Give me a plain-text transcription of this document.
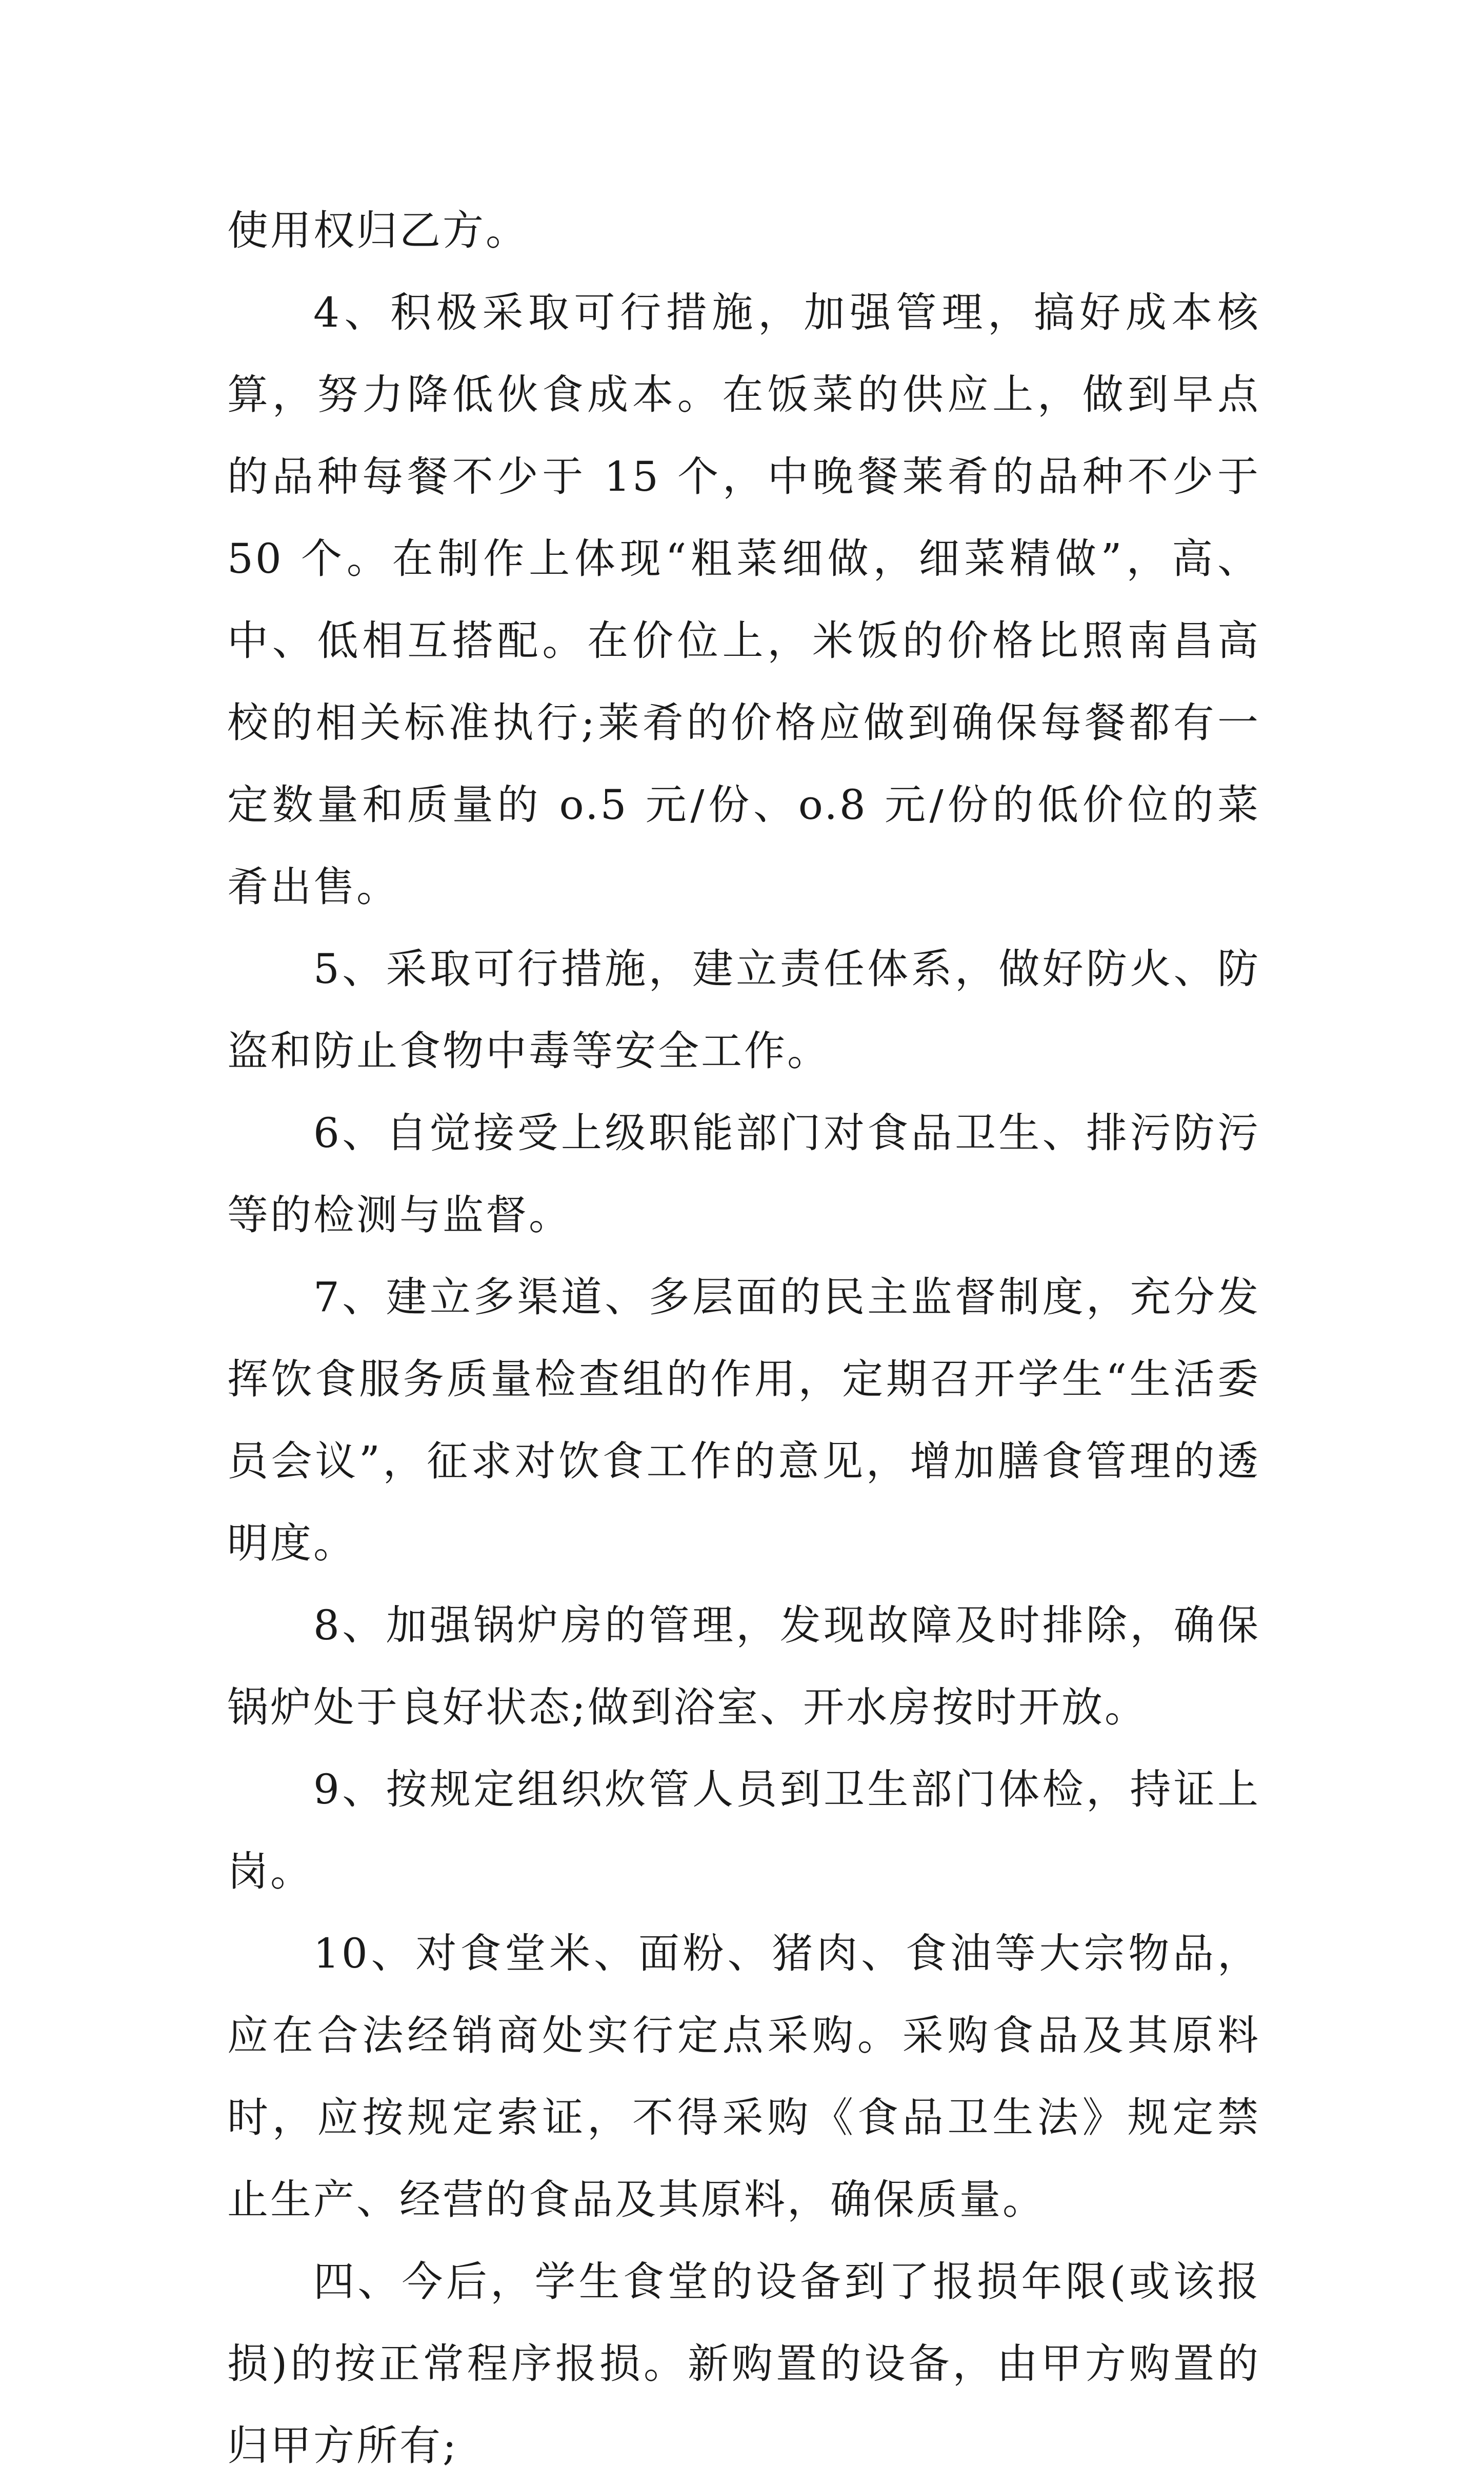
使用权归乙方。

4、积极采取可行措施，加强管理，搞好成本核算，努力降低伙食成本。在饭菜的供应上，做到早点的品种每餐不少于 15 个，中晚餐莱肴的品种不少于 50 个。在制作上体现“粗菜细做，细菜精做”，高、中、低相互搭配。在价位上，米饭的价格比照南昌高校的相关标准执行;莱肴的价格应做到确保每餐都有一定数量和质量的 o.5 元/份、o.8 元/份的低价位的菜肴出售。

5、采取可行措施，建立责任体系，做好防火、防盗和防止食物中毒等安全工作。

6、自觉接受上级职能部门对食品卫生、排污防污等的检测与监督。

7、建立多渠道、多层面的民主监督制度，充分发挥饮食服务质量检查组的作用，定期召开学生“生活委员会议”，征求对饮食工作的意见，增加膳食管理的透明度。

8、加强锅炉房的管理，发现故障及时排除，确保锅炉处于良好状态;做到浴室、开水房按时开放。

9、按规定组织炊管人员到卫生部门体检，持证上岗。

10、对食堂米、面粉、猪肉、食油等大宗物品，应在合法经销商处实行定点采购。采购食品及其原料时，应按规定索证，不得采购《食品卫生法》规定禁止生产、经营的食品及其原料，确保质量。

四、今后，学生食堂的设备到了报损年限(或该报损)的按正常程序报损。新购置的设备，由甲方购置的归甲方所有;
